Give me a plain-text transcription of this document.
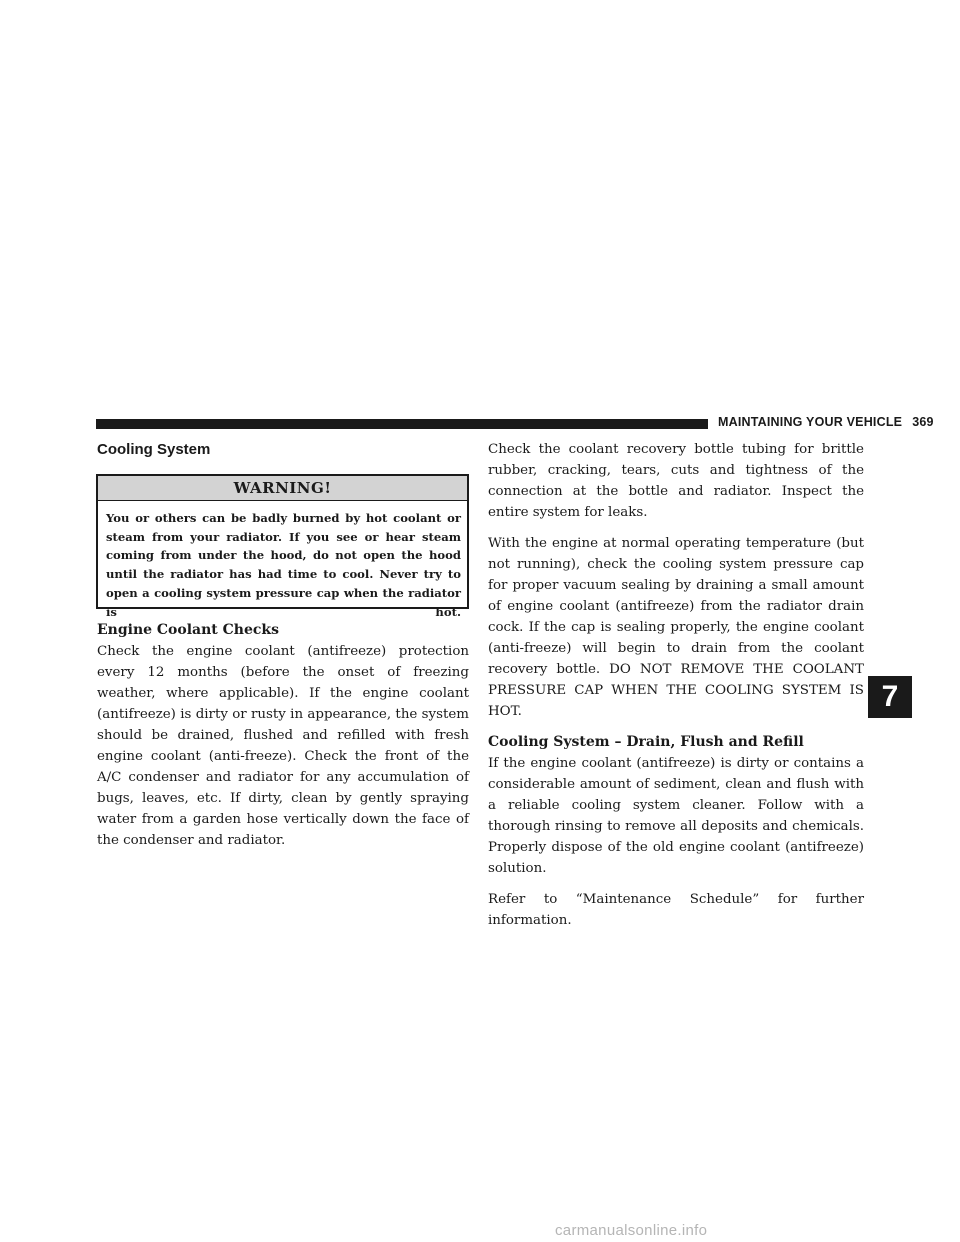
MAINTAINING YOUR VEHICLE 369
Cooling System
WARNING!
You or others can be badly burned by hot coolant or steam from your radiator. If you see or hear steam coming from under the hood, do not open the hood until the radiator has had time to cool. Never try to open a cooling system pressure cap when the radiator is hot.
Engine Coolant Checks

Check the engine coolant (antifreeze) protection every 12 months (before the onset of freezing weather, where applicable). If the engine coolant (antifreeze) is dirty or rusty in appearance, the system should be drained, flushed and refilled with fresh engine coolant (anti-freeze). Check the front of the A/C condenser and radiator for any accumulation of bugs, leaves, etc. If dirty, clean by gently spraying water from a garden hose vertically down the face of the condenser and radiator.

Check the coolant recovery bottle tubing for brittle rubber, cracking, tears, cuts and tightness of the connection at the bottle and radiator. Inspect the entire system for leaks.

With the engine at normal operating temperature (but not running), check the cooling system pressure cap for proper vacuum sealing by draining a small amount of engine coolant (antifreeze) from the radiator drain cock. If the cap is sealing properly, the engine coolant (anti-freeze) will begin to drain from the coolant recovery bottle. DO NOT REMOVE THE COOLANT PRESSURE CAP WHEN THE COOLING SYSTEM IS HOT.

Cooling System – Drain, Flush and Refill

If the engine coolant (antifreeze) is dirty or contains a considerable amount of sediment, clean and flush with a reliable cooling system cleaner. Follow with a thorough rinsing to remove all deposits and chemicals. Properly dispose of the old engine coolant (antifreeze) solution.

Refer to “Maintenance Schedule” for further information.

7
carmanualsonline.info
